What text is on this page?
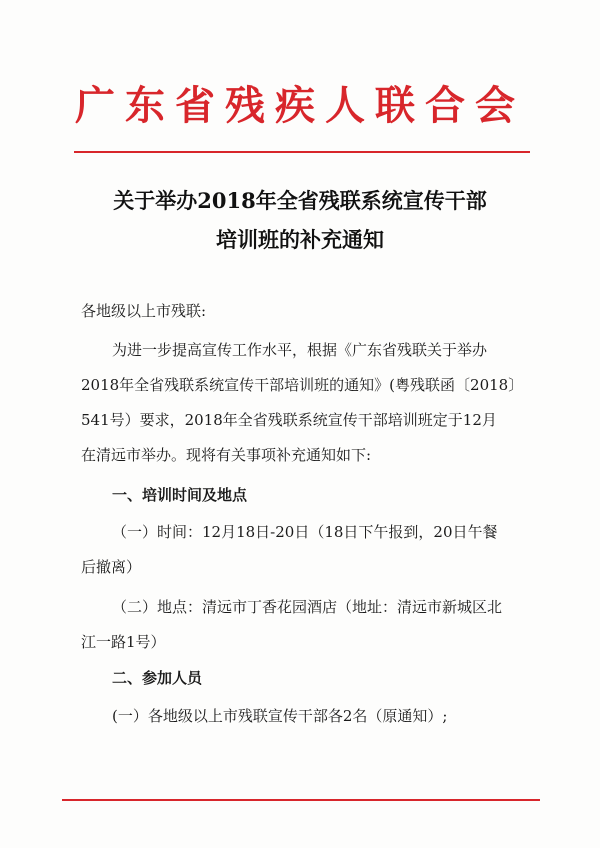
广东省残疾人联合会
关于举办2018年全省残联系统宣传干部
培训班的补充通知
各地级以上市残联:
为进一步提高宣传工作水平，根据《广东省残联关于举办
2018年全省残联系统宣传干部培训班的通知》(粤残联函〔2018〕
541号）要求，2018年全省残联系统宣传干部培训班定于12月
在清远市举办。现将有关事项补充通知如下:
一、培训时间及地点
（一）时间：12月18日-20日（18日下午报到，20日午餐
后撤离）
（二）地点：清远市丁香花园酒店（地址：清远市新城区北
江一路1号）
二、参加人员
(一）各地级以上市残联宣传干部各2名（原通知）;
